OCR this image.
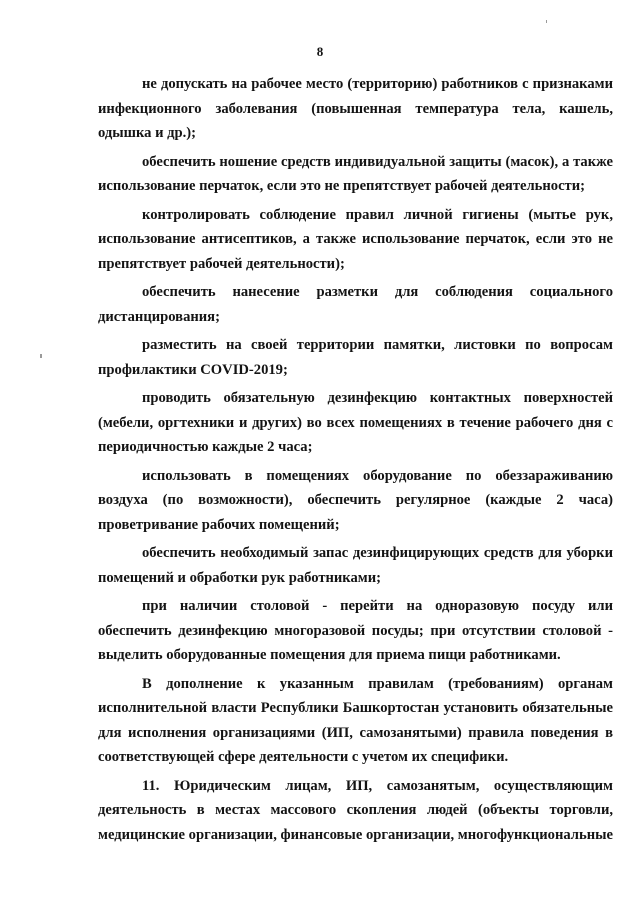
8

не допускать на рабочее место (территорию) работников с признаками инфекционного заболевания (повышенная температура тела, кашель, одышка и др.);

обеспечить ношение средств индивидуальной защиты (масок), а также использование перчаток, если это не препятствует рабочей деятельности;

контролировать соблюдение правил личной гигиены (мытье рук, использование антисептиков, а также использование перчаток, если это не препятствует рабочей деятельности);

обеспечить нанесение разметки для соблюдения социального дистанцирования;

разместить на своей территории памятки, листовки по вопросам профилактики COVID-2019;

проводить обязательную дезинфекцию контактных поверхностей (мебели, оргтехники и других) во всех помещениях в течение рабочего дня с периодичностью каждые 2 часа;

использовать в помещениях оборудование по обеззараживанию воздуха (по возможности), обеспечить регулярное (каждые 2 часа) проветривание рабочих помещений;

обеспечить необходимый запас дезинфицирующих средств для уборки помещений и обработки рук работниками;

при наличии столовой - перейти на одноразовую посуду или обеспечить дезинфекцию многоразовой посуды; при отсутствии столовой - выделить оборудованные помещения для приема пищи работниками.

В дополнение к указанным правилам (требованиям) органам исполнительной власти Республики Башкортостан установить обязательные для исполнения организациями (ИП, самозанятыми) правила поведения в соответствующей сфере деятельности с учетом их специфики.

11. Юридическим лицам, ИП, самозанятым, осуществляющим деятельность в местах массового скопления людей (объекты торговли, медицинские организации, финансовые организации, многофункциональные
